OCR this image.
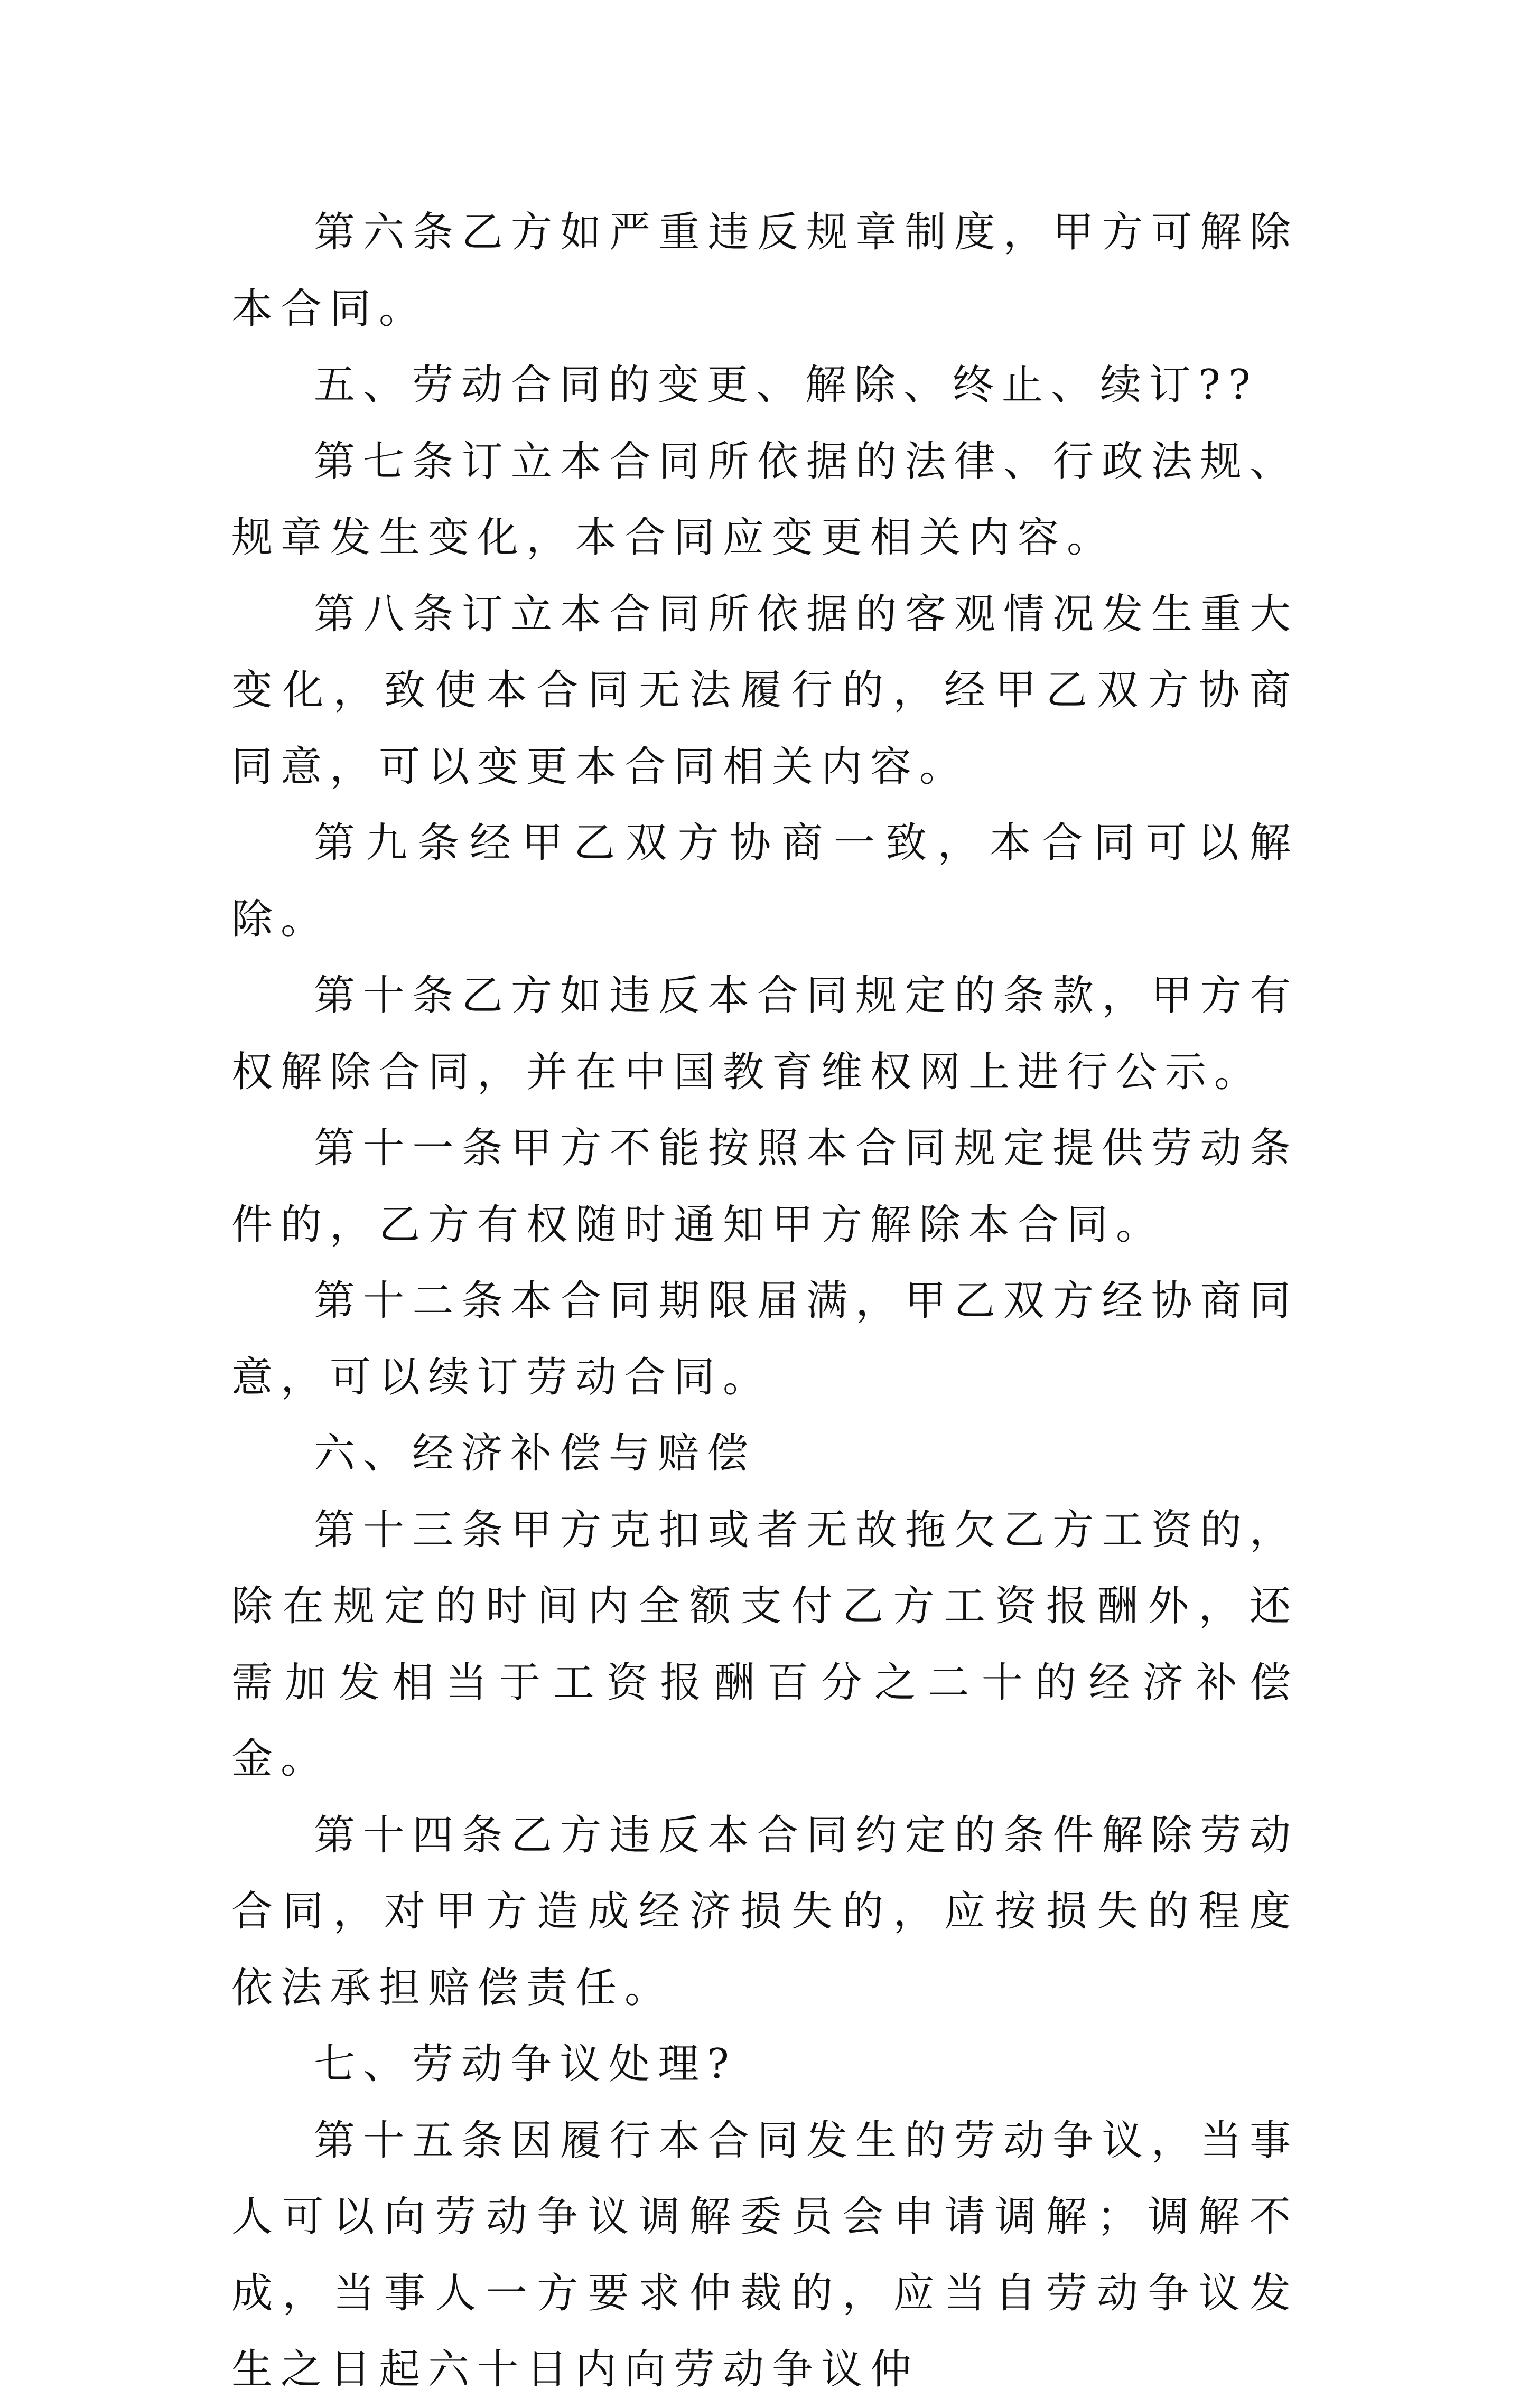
第六条乙方如严重违反规章制度，甲方可解除本合同。

五、劳动合同的变更、解除、终止、续订??

第七条订立本合同所依据的法律、行政法规、规章发生变化，本合同应变更相关内容。

第八条订立本合同所依据的客观情况发生重大变化，致使本合同无法履行的，经甲乙双方协商同意，可以变更本合同相关内容。

第九条经甲乙双方协商一致，本合同可以解除。

第十条乙方如违反本合同规定的条款，甲方有权解除合同，并在中国教育维权网上进行公示。

第十一条甲方不能按照本合同规定提供劳动条件的，乙方有权随时通知甲方解除本合同。

第十二条本合同期限届满，甲乙双方经协商同意，可以续订劳动合同。

六、经济补偿与赔偿

第十三条甲方克扣或者无故拖欠乙方工资的，除在规定的时间内全额支付乙方工资报酬外，还需加发相当于工资报酬百分之二十的经济补偿金。

第十四条乙方违反本合同约定的条件解除劳动合同，对甲方造成经济损失的，应按损失的程度依法承担赔偿责任。

七、劳动争议处理?

第十五条因履行本合同发生的劳动争议，当事人可以向劳动争议调解委员会申请调解；调解不成，当事人一方要求仲裁的，应当自劳动争议发生之日起六十日内向劳动争议仲
